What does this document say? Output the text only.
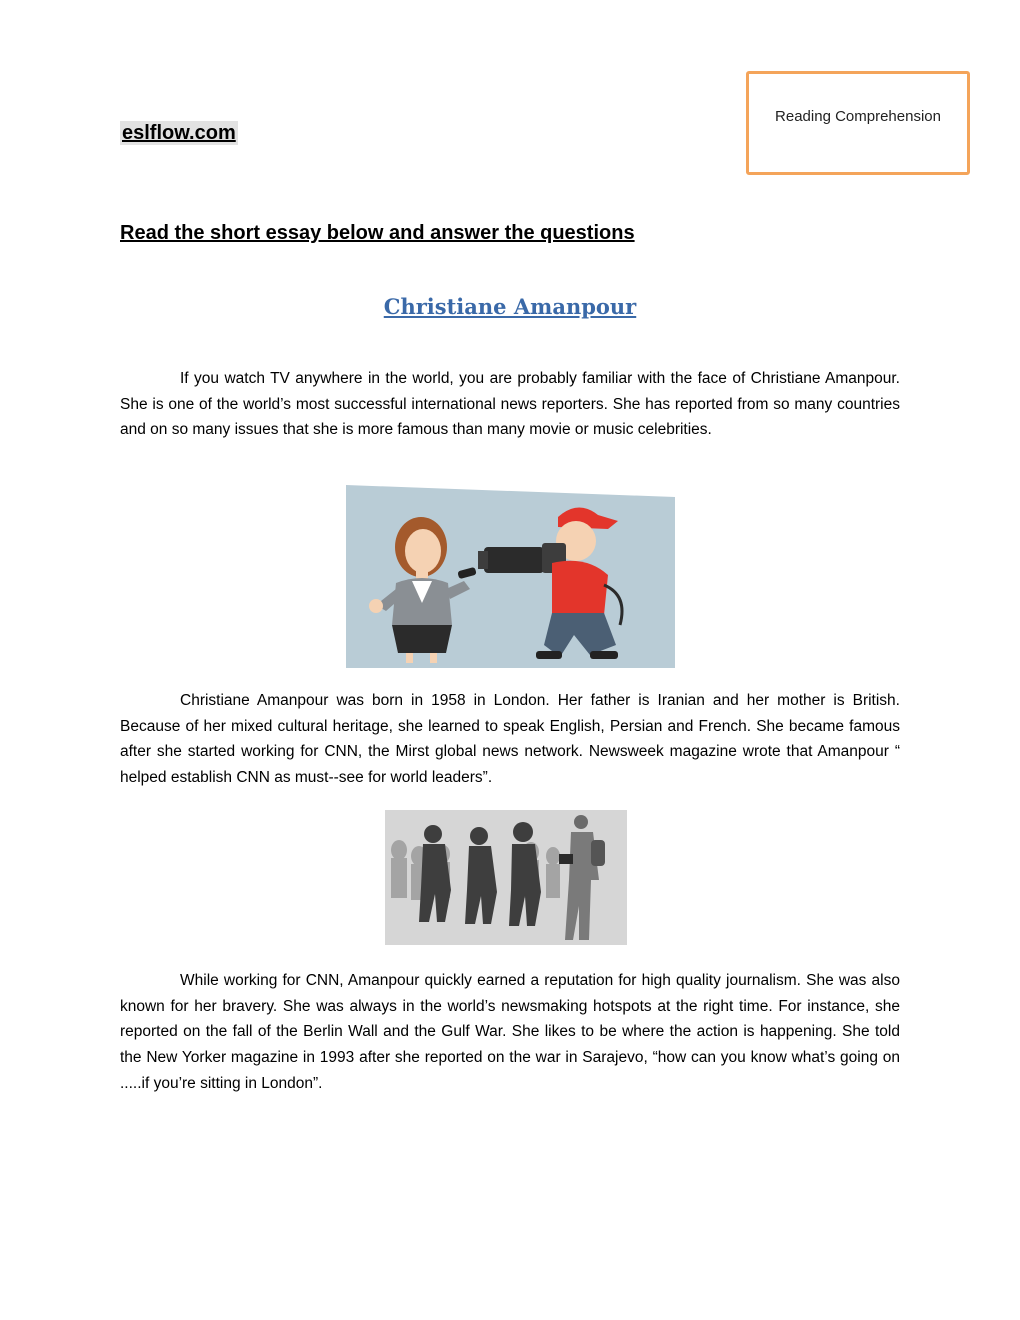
Reading Comprehension
eslflow.com
Read the short essay below and answer the questions
Christiane Amanpour

If you watch TV anywhere in the world, you are probably familiar with the face of Christiane Amanpour. She is one of the world’s most successful international news reporters. She has reported from so many countries and on so many issues that she is more famous than many movie or music celebrities.

Christiane Amanpour was born in 1958 in London. Her father is Iranian and her mother is British. Because of her mixed cultural heritage, she learned to speak English, Persian and French. She became famous after she started working for CNN, the Mirst global news network. Newsweek magazine wrote that Amanpour “ helped establish CNN as must--see for world leaders”.

While working for CNN, Amanpour quickly earned a reputation for high quality journalism. She was also known for her bravery. She was always in the world’s newsmaking hotspots at the right time. For instance, she reported on the fall of the Berlin Wall and the Gulf War. She likes to be where the action is happening. She told the New Yorker magazine in 1993 after she reported on the war in Sarajevo, “how can you know what’s going on .....if you’re sitting in London”.
